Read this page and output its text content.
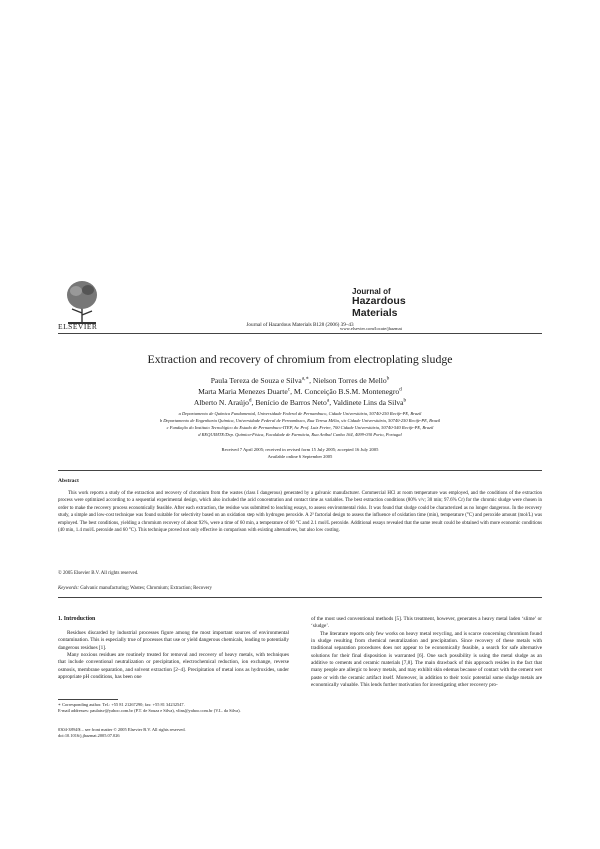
ELSEVIER	Journal of Hazardous Materials B128 (2006) 39–43
Journal of
Hazardous
Materials
www.elsevier.com/locate/jhazmat
Extraction and recovery of chromium from electroplating sludge
Paula Tereza de Souza e Silva$^{a,∗}$, Nielson Torres de Mello$^b$
Marta Maria Menezes Duarte$^c$, M. Conceição B.S.M. Montenegro$^d$
Alberto N. Araújo$^d$, Benício de Barros Neto$^a$, Valdinete Lins da Silva$^b$
a Departamento de Química Fundamental, Universidade Federal de Pernambuco, Cidade Universitária, 50740-250 Recife-PE, Brazil
b Departamento de Engenharia Química, Universidade Federal de Pernambuco, Rua Teresa Mélia, s/n Cidade Universitária, 50740-250 Recife-PE, Brazil
c Fundação do Instituto Tecnológico do Estado de Pernambuco-ITEP, Av. Prof. Luiz Freire, 700 Cidade Universitária, 50740-540 Recife-PE, Brazil
d REQUIMTE/Dep. Química-Física, Faculdade de Farmácia, Rua Aníbal Cunha 164, 4099-030 Porto, Portugal
Received 7 April 2005; received in revised form 15 July 2005; accepted 16 July 2005
Available online 6 September 2005
Abstract
This work reports a study of the extraction and recovery of chromium from the wastes (class I dangerous) generated by a galvanic manufacturer. Commercial HCl at room temperature was employed, and the conditions of the extraction process were optimized according to a sequential experimental design, which also included the acid concentration and contact time as variables. The best extraction conditions (80% v/v; 30 min; 97.6% Cr) for the chromic sludge were chosen in order to make the recovery process economically feasible. After each extraction, the residue was submitted to leaching essays, to assess environmental risks. It was found that sludge could be characterized as no longer dangerous. In the recovery study, a simple and low-cost technique was found suitable for selectivity based on an oxidation step with hydrogen peroxide. A 2³ factorial design to assess the influence of oxidation time (min), temperature (°C) and peroxide amount (mol/L) was employed. The best conditions, yielding a chromium recovery of about 92%, were a time of 60 min, a temperature of 60 °C and 2.1 mol/L peroxide. Additional essays revealed that the same result could be obtained with more economic conditions (40 min, 1.4 mol/L peroxide and 60 °C). This technique proved not only effective in comparison with existing alternatives, but also low costing.
© 2005 Elsevier B.V. All rights reserved.
Keywords: Galvanic manufacturing; Wastes; Chromium; Extraction; Recovery
1. Introduction

Residues discarded by industrial processes figure among the most important sources of environmental contamination. This is especially true of processes that use or yield dangerous chemicals, leading to potentially dangerous residues [1].

Many noxious residues are routinely treated for removal and recovery of heavy metals, with techniques that include conventional neutralization or precipitation, electrochemical reduction, ion exchange, reverse osmosis, membrane separation, and solvent extraction [2–4]. Precipitation of metal ions as hydroxides, under appropriate pH conditions, has been one

of the most used conventional methods [5]. This treatment, however, generates a heavy metal laden ‘slime’ or ‘sludge’.

The literature reports only few works on heavy metal recycling, and is scarce concerning chromium found in sludge resulting from chemical neutralization and precipitation. Since recovery of these metals with traditional separation procedures does not appear to be economically feasible, a search for safe alternative solutions for their final disposition is warranted [6]. One such possibility is using the metal sludge as an additive to cements and ceramic materials [7,8]. The main drawback of this approach resides in the fact that many people are allergic to heavy metals, and may exhibit skin edemas because of contact with the cement wet paste or with the ceramic artifact itself. Moreover, in addition to their toxic potential some sludge metals are economically valuable. This lends further motivation for investigating other recovery pro-

∗ Corresponding author. Tel.: +55 81 21267290; fax: +55 81 34232547.
E-mail addresses: paulatsv@yahoo.com.br (P.T. de Souza e Silva), vlins@yahoo.com.br (V.L. da Silva).
0304-3894/$ – see front matter © 2005 Elsevier B.V. All rights reserved.
doi:10.1016/j.jhazmat.2005.07.026
